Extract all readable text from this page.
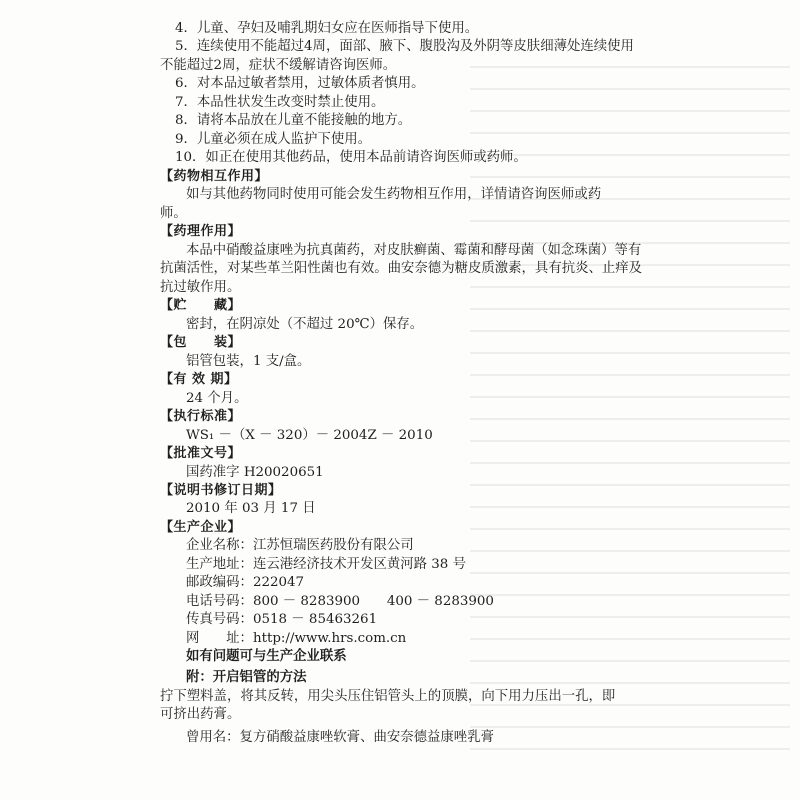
4．儿童、孕妇及哺乳期妇女应在医师指导下使用。
5．连续使用不能超过4周，面部、腋下、腹股沟及外阴等皮肤细薄处连续使用
不能超过2周，症状不缓解请咨询医师。
6．对本品过敏者禁用，过敏体质者慎用。
7．本品性状发生改变时禁止使用。
8．请将本品放在儿童不能接触的地方。
9．儿童必须在成人监护下使用。
10．如正在使用其他药品，使用本品前请咨询医师或药师。
【药物相互作用】
如与其他药物同时使用可能会发生药物相互作用，详情请咨询医师或药
师。
【药理作用】
本品中硝酸益康唑为抗真菌药，对皮肤癣菌、霉菌和酵母菌（如念珠菌）等有
抗菌活性，对某些革兰阳性菌也有效。曲安奈德为糖皮质激素，具有抗炎、止痒及
抗过敏作用。
【贮　　藏】
密封，在阴凉处（不超过 20℃）保存。
【包　　装】
铝管包装，1 支/盒。
【有 效 期】
24 个月。
【执行标准】
WS₁ －（X － 320）－ 2004Z － 2010
【批准文号】
国药准字 H20020651
【说明书修订日期】
2010 年 03 月 17 日
【生产企业】
企业名称：江苏恒瑞医药股份有限公司
生产地址：连云港经济技术开发区黄河路 38 号
邮政编码：222047
电话号码：800 － 8283900　　400 － 8283900
传真号码：0518 － 85463261
网　　址：http://www.hrs.com.cn
如有问题可与生产企业联系
附：开启铝管的方法
拧下塑料盖，将其反转，用尖头压住铝管头上的顶膜，向下用力压出一孔，即
可挤出药膏。
曾用名：复方硝酸益康唑软膏、曲安奈德益康唑乳膏
